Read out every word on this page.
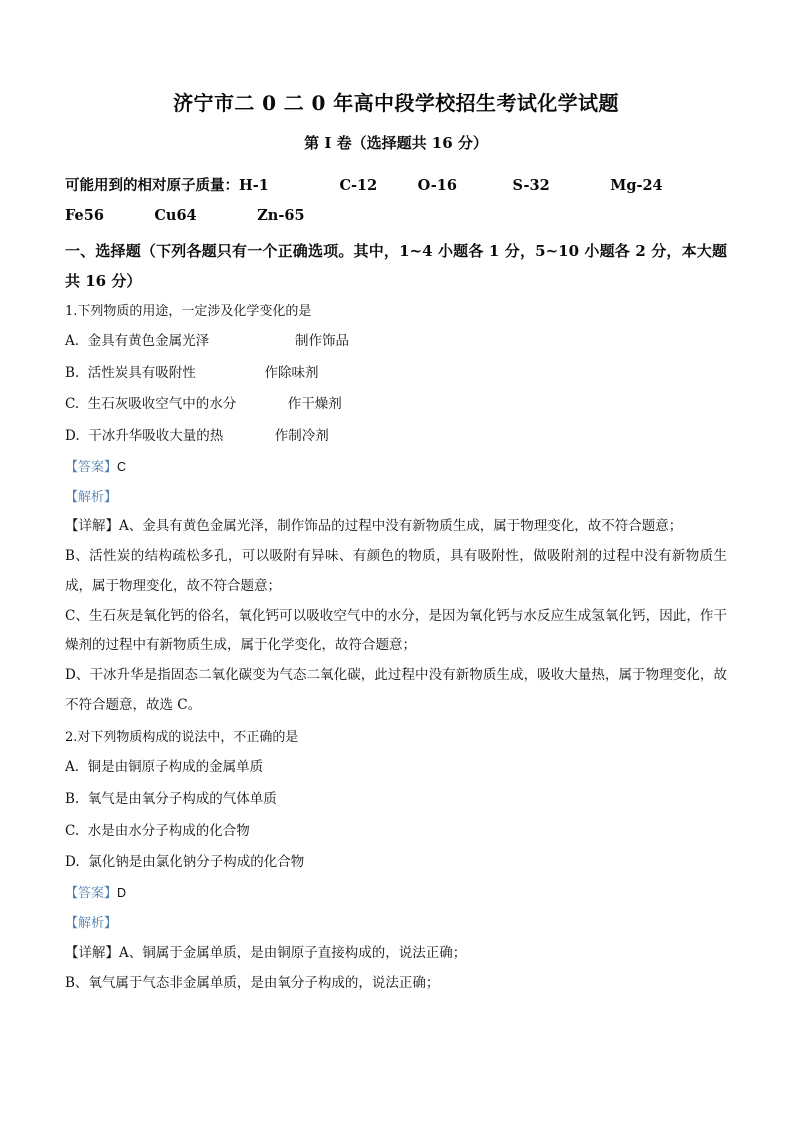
济宁市二 0 二 0 年高中段学校招生考试化学试题
第 I 卷（选择题共 16 分）
可能用到的相对原子质量：H-1              C-12        O-16           S-32            Mg-24
Fe56          Cu64            Zn-65
一、选择题（下列各题只有一个正确选项。其中，1~4 小题各 1 分，5~10 小题各 2 分，本大题共 16 分）

1.下列物质的用途，一定涉及化学变化的是

A.  金具有黄色金属光泽                    制作饰品

B.  活性炭具有吸附性                作除味剂

C.  生石灰吸收空气中的水分            作干燥剂

D.  干冰升华吸收大量的热            作制冷剂

【答案】C

【解析】

【详解】A、金具有黄色金属光泽，制作饰品的过程中没有新物质生成，属于物理变化，故不符合题意；

B、活性炭的结构疏松多孔，可以吸附有异味、有颜色的物质，具有吸附性，做吸附剂的过程中没有新物质生成，属于物理变化，故不符合题意；

C、生石灰是氧化钙的俗名，氧化钙可以吸收空气中的水分，是因为氧化钙与水反应生成氢氧化钙，因此，作干燥剂的过程中有新物质生成，属于化学变化，故符合题意；

D、干冰升华是指固态二氧化碳变为气态二氧化碳，此过程中没有新物质生成，吸收大量热，属于物理变化，故不符合题意，故选 C。

2.对下列物质构成的说法中，不正确的是

A.  铜是由铜原子构成的金属单质

B.  氧气是由氧分子构成的气体单质

C.  水是由水分子构成的化合物

D.  氯化钠是由氯化钠分子构成的化合物

【答案】D

【解析】

【详解】A、铜属于金属单质，是由铜原子直接构成的，说法正确；

B、氧气属于气态非金属单质，是由氧分子构成的，说法正确；
